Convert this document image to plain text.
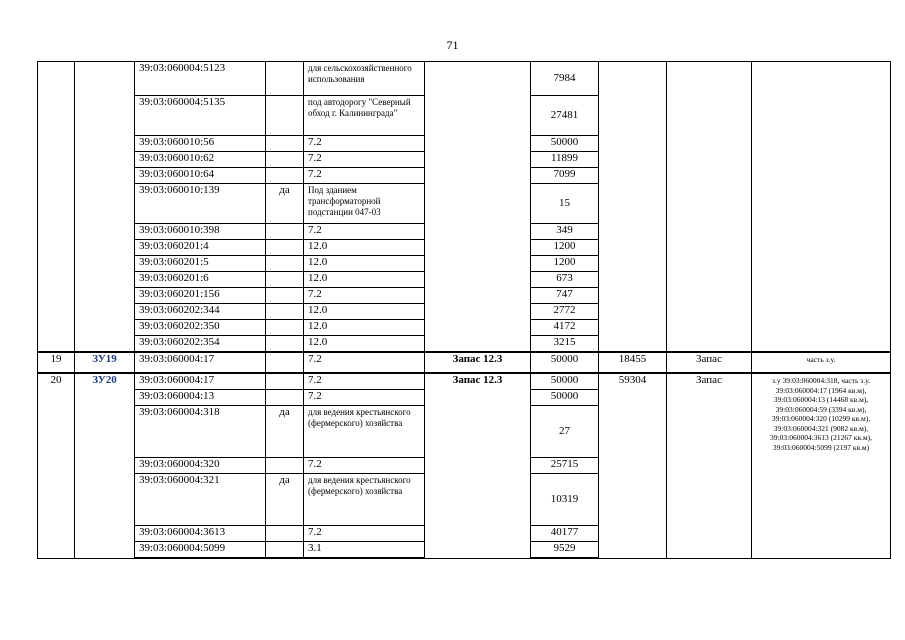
71
		39:03:060004:5123		для сельскохозяйственного использования		7984			
		39:03:060004:5135		под автодорогу "Северный обход г. Калининграда"		27481			
		39:03:060010:56		7.2		50000			
		39:03:060010:62		7.2		11899			
		39:03:060010:64		7.2		7099			
		39:03:060010:139	да	Под зданием трансформаторной подстанции 047-03		15			
		39:03:060010:398		7.2		349			
		39:03:060201:4		12.0		1200			
		39:03:060201:5		12.0		1200			
		39:03:060201:6		12.0		673			
		39:03:060201:156		7.2		747			
		39:03:060202:344		12.0		2772			
		39:03:060202:350		12.0		4172			
		39:03:060202:354		12.0		3215			
19	ЗУ19	39:03:060004:17		7.2	Запас 12.3	50000	18455	Запас	часть з.у.
20	ЗУ20	39:03:060004:17		7.2	Запас 12.3	50000	59304	Запас	з.у 39:03:060004:318, часть з.у. 39:03:060004:17 (1964 кв.м), 39:03:060004:13 (14468 кв.м), 39:03:060004:59 (3394 кв.м), 39:03:060004:320 (10299 кв.м), 39:03:060004:321 (9082 кв.м), 39:03:060004:3613 (21267 кв.м), 39:03:060004:5099 (2197 кв.м)
		39:03:060004:13		7.2		50000			
		39:03:060004:318	да	для ведения крестьянского (фермерского) хозяйства		27			
		39:03:060004:320		7.2		25715			
		39:03:060004:321	да	для ведения крестьянского (фермерского) хозяйства		10319			
		39:03:060004:3613		7.2		40177			
		39:03:060004:5099		3.1		9529			
